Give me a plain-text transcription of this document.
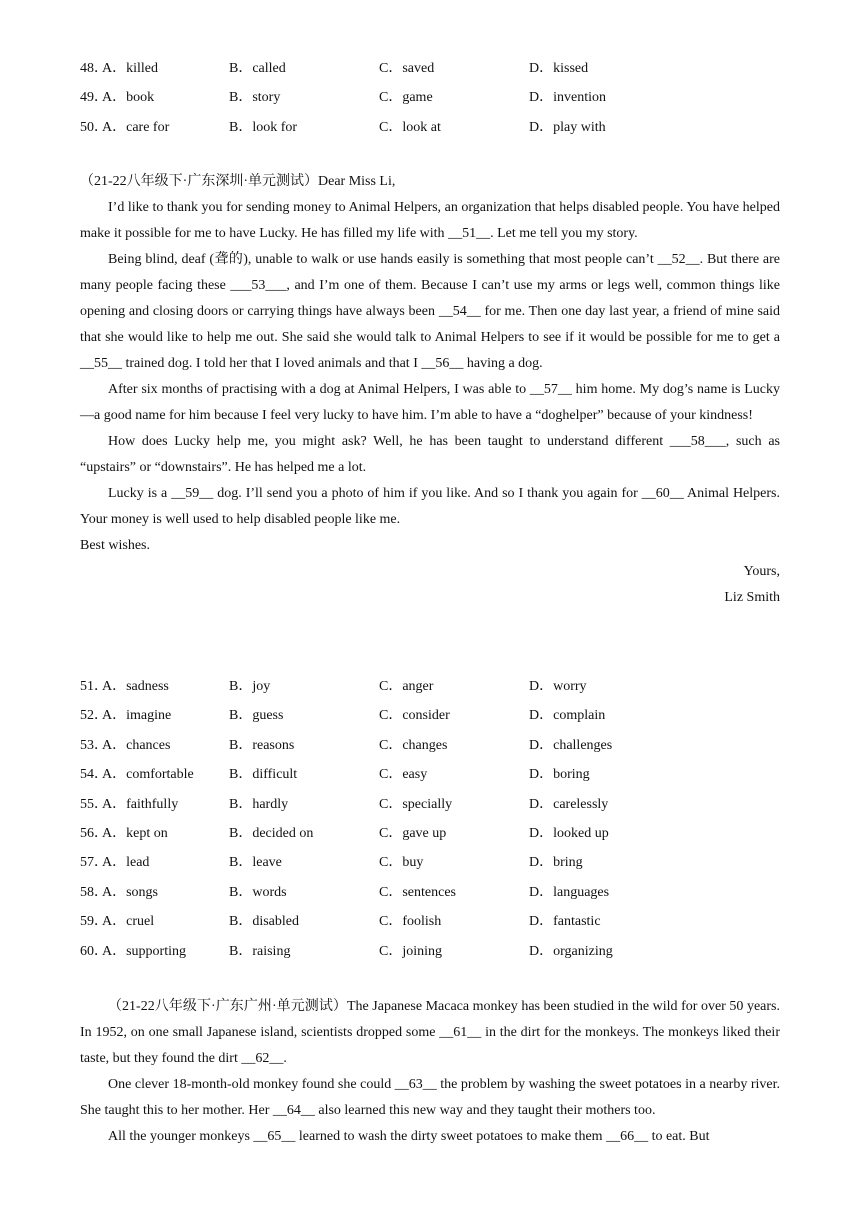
48．
A．killed	B．called	C．saved	D．kissed
49．
A．book	B．story	C．game	D．invention
50．
A．care for	B．look for	C．look at	D．play with

（21-22八年级下·广东深圳·单元测试）Dear Miss Li,

I’d like to thank you for sending money to Animal Helpers, an organization that helps disabled people. You have helped make it possible for me to have Lucky. He has filled my life with __51__. Let me tell you my story.

Being blind, deaf (聋的), unable to walk or use hands easily is something that most people can’t __52__. But there are many people facing these ___53___, and I’m one of them. Because I can’t use my arms or legs well, common things like opening and closing doors or carrying things have always been __54__ for me. Then one day last year, a friend of mine said that she would like to help me out. She said she would talk to Animal Helpers to see if it would be possible for me to get a __55__ trained dog. I told her that I loved animals and that I __56__ having a dog.

After six months of practising with a dog at Animal Helpers, I was able to __57__ him home. My dog’s name is Lucky—a good name for him because I feel very lucky to have him. I’m able to have a “doghelper” because of your kindness!

How does Lucky help me, you might ask? Well, he has been taught to understand different ___58___, such as “upstairs” or “downstairs”. He has helped me a lot.

Lucky is a __59__ dog. I’ll send you a photo of him if you like. And so I thank you again for __60__ Animal Helpers. Your money is well used to help disabled people like me.

Best wishes.

Yours,

Liz Smith

51．
A．sadness	B．joy	C．anger	D．worry
52．
A．imagine	B．guess	C．consider	D．complain
53．
A．chances	B．reasons	C．changes	D．challenges
54．
A．comfortable	B．difficult	C．easy	D．boring
55．
A．faithfully	B．hardly	C．specially	D．carelessly
56．
A．kept on	B．decided on	C．gave up	D．looked up
57．
A．lead	B．leave	C．buy	D．bring
58．
A．songs	B．words	C．sentences	D．languages
59．
A．cruel	B．disabled	C．foolish	D．fantastic
60．
A．supporting	B．raising	C．joining	D．organizing

（21-22八年级下·广东广州·单元测试）The Japanese Macaca monkey has been studied in the wild for over 50 years. In 1952, on one small Japanese island, scientists dropped some __61__ in the dirt for the monkeys. The monkeys liked their taste, but they found the dirt __62__.

One clever 18-month-old monkey found she could __63__ the problem by washing the sweet potatoes in a nearby river. She taught this to her mother. Her __64__ also learned this new way and they taught their mothers too.

All the younger monkeys __65__ learned to wash the dirty sweet potatoes to make them __66__ to eat. But
